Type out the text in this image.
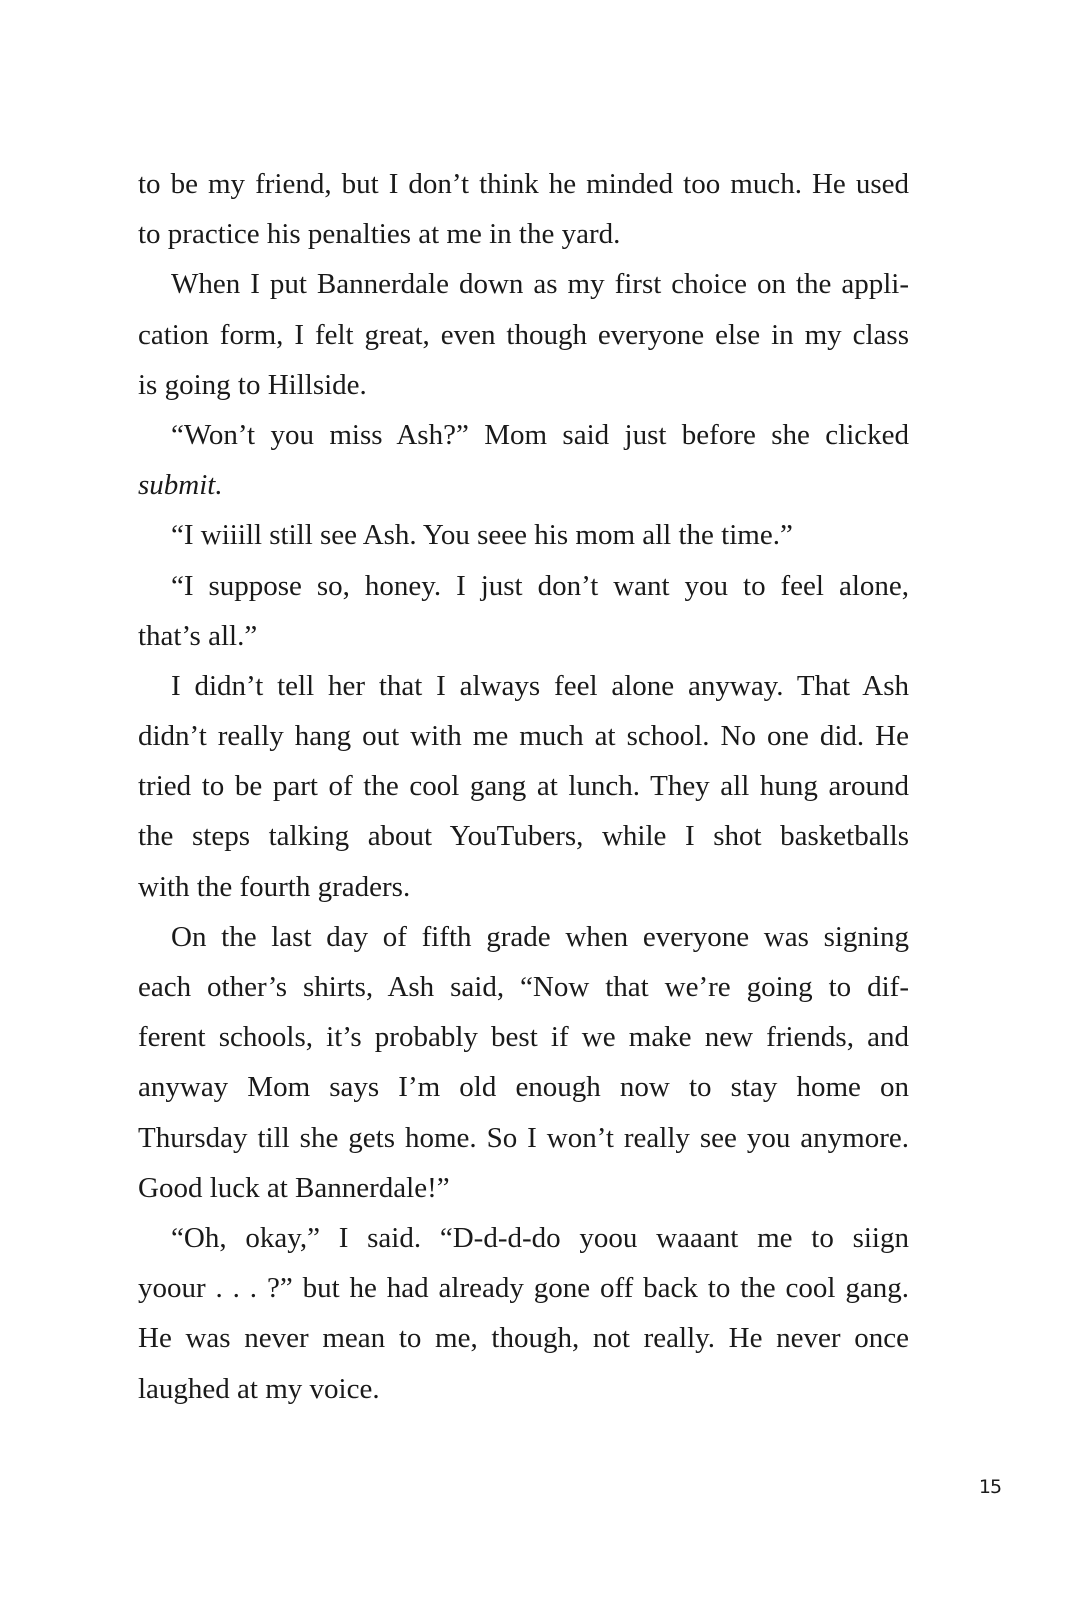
to be my friend, but I don’t think he minded too much. He used
to practice his penalties at me in the yard.
When I put Bannerdale down as my first choice on the appli-
cation form, I felt great, even though everyone else in my class
is going to Hillside.
“Won’t you miss Ash?” Mom said just before she clicked
submit.
“I wiiill still see Ash. You seee his mom all the time.”
“I suppose so, honey. I just don’t want you to feel alone,
that’s all.”
I didn’t tell her that I always feel alone anyway. That Ash
didn’t really hang out with me much at school. No one did. He
tried to be part of the cool gang at lunch. They all hung around
the steps talking about YouTubers, while I shot basketballs
with the fourth graders.
On the last day of fifth grade when everyone was signing
each other’s shirts, Ash said, “Now that we’re going to dif-
ferent schools, it’s probably best if we make new friends, and
anyway Mom says I’m old enough now to stay home on
Thursday till she gets home. So I won’t really see you anymore.
Good luck at Bannerdale!”
“Oh, okay,” I said. “D-d-d-do yoou waaant me to siign
yoour . . . ?” but he had already gone off back to the cool gang.
He was never mean to me, though, not really. He never once
laughed at my voice.
15
